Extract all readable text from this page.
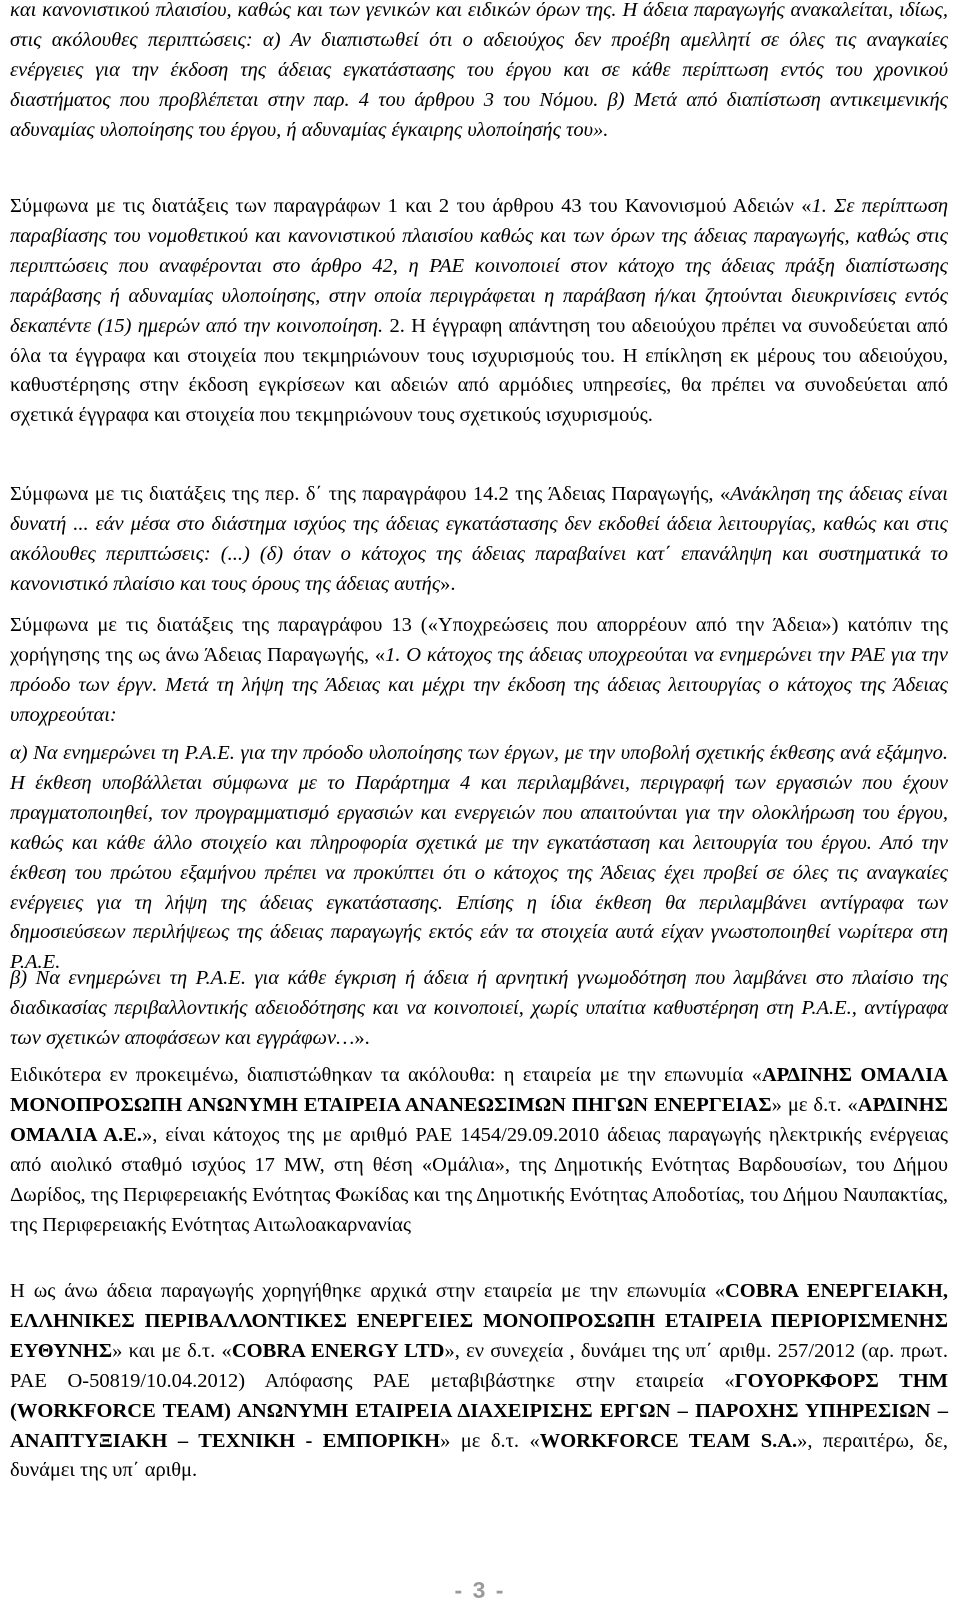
και κανονιστικού πλαισίου, καθώς και των γενικών και ειδικών όρων της. Η άδεια παραγωγής ανακαλείται, ιδίως, στις ακόλουθες περιπτώσεις: α) Αν διαπιστωθεί ότι ο αδειούχος δεν προέβη αμελλητί σε όλες τις αναγκαίες ενέργειες για την έκδοση της άδειας εγκατάστασης του έργου και σε κάθε περίπτωση εντός του χρονικού διαστήματος που προβλέπεται στην παρ. 4 του άρθρου 3 του Νόμου. β) Μετά από διαπίστωση αντικειμενικής αδυναμίας υλοποίησης του έργου, ή αδυναμίας έγκαιρης υλοποίησής του».

Σύμφωνα με τις διατάξεις των παραγράφων 1 και 2 του άρθρου 43 του Κανονισμού Αδειών «1. Σε περίπτωση παραβίασης του νομοθετικού και κανονιστικού πλαισίου καθώς και των όρων της άδειας παραγωγής, καθώς στις περιπτώσεις που αναφέρονται στο άρθρο 42, η ΡΑΕ κοινοποιεί στον κάτοχο της άδειας πράξη διαπίστωσης παράβασης ή αδυναμίας υλοποίησης, στην οποία περιγράφεται η παράβαση ή/και ζητούνται διευκρινίσεις εντός δεκαπέντε (15) ημερών από την κοινοποίηση. 2. Η έγγραφη απάντηση του αδειούχου πρέπει να συνοδεύεται από όλα τα έγγραφα και στοιχεία που τεκμηριώνουν τους ισχυρισμούς του. Η επίκληση εκ μέρους του αδειούχου, καθυστέρησης στην έκδοση εγκρίσεων και αδειών από αρμόδιες υπηρεσίες, θα πρέπει να συνοδεύεται από σχετικά έγγραφα και στοιχεία που τεκμηριώνουν τους σχετικούς ισχυρισμούς.

Σύμφωνα με τις διατάξεις της περ. δ΄ της παραγράφου 14.2 της Άδειας Παραγωγής, «Ανάκληση της άδειας είναι δυνατή ... εάν μέσα στο διάστημα ισχύος της άδειας εγκατάστασης δεν εκδοθεί άδεια λειτουργίας, καθώς και στις ακόλουθες περιπτώσεις: (...) (δ) όταν ο κάτοχος της άδειας παραβαίνει κατ΄ επανάληψη και συστηματικά το κανονιστικό πλαίσιο και τους όρους της άδειας αυτής».

Σύμφωνα με τις διατάξεις της παραγράφου 13 («Υποχρεώσεις που απορρέουν από την Άδεια») κατόπιν της χορήγησης της ως άνω Άδειας Παραγωγής, «1. Ο κάτοχος της άδειας υποχρεούται να ενημερώνει την ΡΑΕ για την πρόοδο των έργν. Μετά τη λήψη της Άδειας και μέχρι την έκδοση της άδειας λειτουργίας ο κάτοχος της Άδειας υποχρεούται:

α) Να ενημερώνει τη Ρ.Α.Ε. για την πρόοδο υλοποίησης των έργων, με την υποβολή σχετικής έκθεσης ανά εξάμηνο. Η έκθεση υποβάλλεται σύμφωνα με το Παράρτημα 4 και περιλαμβάνει, περιγραφή των εργασιών που έχουν πραγματοποιηθεί, τον προγραμματισμό εργασιών και ενεργειών που απαιτούνται για την ολοκλήρωση του έργου, καθώς και κάθε άλλο στοιχείο και πληροφορία σχετικά με την εγκατάσταση και λειτουργία του έργου. Από την έκθεση του πρώτου εξαμήνου πρέπει να προκύπτει ότι ο κάτοχος της Άδειας έχει προβεί σε όλες τις αναγκαίες ενέργειες για τη λήψη της άδειας εγκατάστασης. Επίσης η ίδια έκθεση θα περιλαμβάνει αντίγραφα των δημοσιεύσεων περιλήψεως της άδειας παραγωγής εκτός εάν τα στοιχεία αυτά είχαν γνωστοποιηθεί νωρίτερα στη Ρ.Α.Ε.

β) Να ενημερώνει τη Ρ.Α.Ε. για κάθε έγκριση ή άδεια ή αρνητική γνωμοδότηση που λαμβάνει στο πλαίσιο της διαδικασίας περιβαλλοντικής αδειοδότησης και να κοινοποιεί, χωρίς υπαίτια καθυστέρηση στη Ρ.Α.Ε., αντίγραφα των σχετικών αποφάσεων και εγγράφων…».

Ειδικότερα εν προκειμένω, διαπιστώθηκαν τα ακόλουθα: η εταιρεία με την επωνυμία «ΑΡΔΙΝΗΣ ΟΜΑΛΙΑ ΜΟΝΟΠΡΟΣΩΠΗ ΑΝΩΝΥΜΗ ΕΤΑΙΡΕΙΑ ΑΝΑΝΕΩΣΙΜΩΝ ΠΗΓΩΝ ΕΝΕΡΓΕΙΑΣ» με δ.τ. «ΑΡΔΙΝΗΣ ΟΜΑΛΙΑ Α.Ε.», είναι κάτοχος της με αριθμό ΡΑΕ 1454/29.09.2010 άδειας παραγωγής ηλεκτρικής ενέργειας από αιολικό σταθμό ισχύος 17 MW, στη θέση «Ομάλια», της Δημοτικής Ενότητας Βαρδουσίων, του Δήμου Δωρίδος, της Περιφερειακής Ενότητας Φωκίδας και της Δημοτικής Ενότητας Αποδοτίας, του Δήμου Ναυπακτίας, της Περιφερειακής Ενότητας Αιτωλοακαρνανίας

Η ως άνω άδεια παραγωγής χορηγήθηκε αρχικά στην εταιρεία με την επωνυμία «COBRA ΕΝΕΡΓΕΙΑΚΗ, ΕΛΛΗΝΙΚΕΣ ΠΕΡΙΒΑΛΛΟΝΤΙΚΕΣ ΕΝΕΡΓΕΙΕΣ ΜΟΝΟΠΡΟΣΩΠΗ ΕΤΑΙΡΕΙΑ ΠΕΡΙΟΡΙΣΜΕΝΗΣ ΕΥΘΥΝΗΣ» και με δ.τ. «COBRA ENERGY LTD», εν συνεχεία , δυνάμει της υπ΄ αριθμ. 257/2012 (αρ. πρωτ. ΡΑΕ Ο-50819/10.04.2012) Απόφασης ΡΑΕ μεταβιβάστηκε στην εταιρεία «ΓΟΥΟΡΚΦΟΡΣ ΤΗΜ (WORKFORCE TEAM) ΑΝΩΝΥΜΗ ΕΤΑΙΡΕΙΑ ΔΙΑΧΕΙΡΙΣΗΣ ΕΡΓΩΝ – ΠΑΡΟΧΗΣ ΥΠΗΡΕΣΙΩΝ –ΑΝΑΠΤΥΞΙΑΚΗ – ΤΕΧΝΙΚΗ - ΕΜΠΟΡΙΚΗ» με δ.τ. «WORKFORCE TEAM S.A.», περαιτέρω, δε, δυνάμει της υπ΄ αριθμ.

- 3 -
